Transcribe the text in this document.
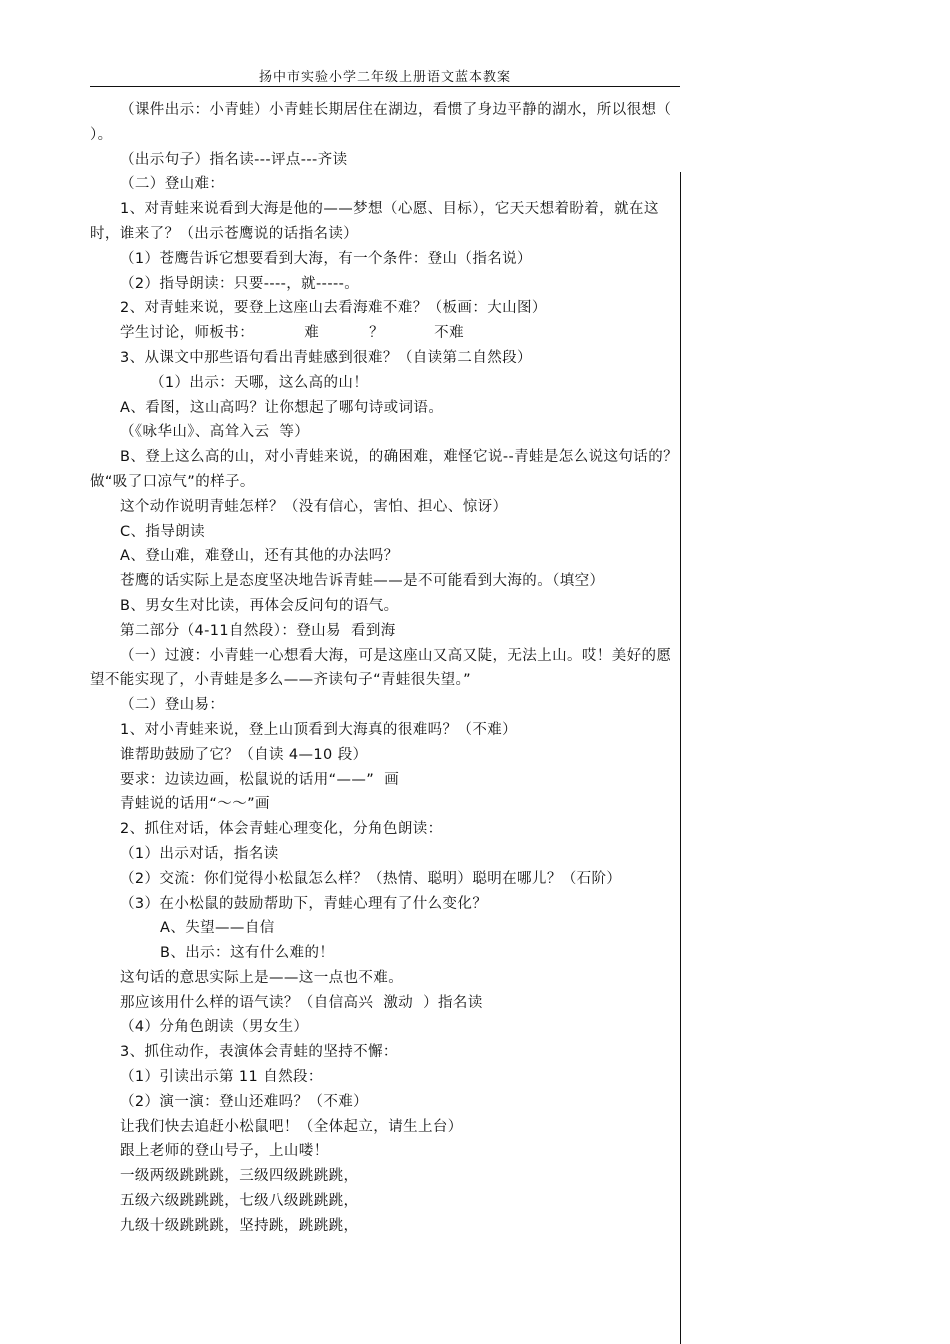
扬中市实验小学二年级上册语文蓝本教案

（课件出示：小青蛙）小青蛙长期居住在湖边，看惯了身边平静的湖水，所以很想（          ）。

（出示句子）指名读---评点---齐读

（二）登山难：

1、对青蛙来说看到大海是他的——梦想（心愿、目标），它天天想着盼着，就在这时，谁来了？（出示苍鹰说的话指名读）

（1）苍鹰告诉它想要看到大海，有一个条件：登山（指名说）

（2）指导朗读：只要----，就-----。

2、对青蛙来说，要登上这座山去看海难不难？（板画：大山图）

学生讨论，师板书：          难          ？          不难

3、从课文中那些语句看出青蛙感到很难？（自读第二自然段）

（1）出示：天哪，这么高的山！

A、看图，这山高吗？让你想起了哪句诗或词语。

（《咏华山》、高耸入云  等）

B、登上这么高的山，对小青蛙来说，的确困难，难怪它说--青蛙是怎么说这句话的？做“吸了口凉气”的样子。

这个动作说明青蛙怎样？（没有信心，害怕、担心、惊讶）

C、指导朗读

A、登山难，难登山，还有其他的办法吗？

苍鹰的话实际上是态度坚决地告诉青蛙——是不可能看到大海的。（填空）

B、男女生对比读，再体会反问句的语气。

第二部分（4-11自然段）：登山易  看到海

（一）过渡：小青蛙一心想看大海，可是这座山又高又陡，无法上山。哎！美好的愿望不能实现了，小青蛙是多么——齐读句子“青蛙很失望。”

（二）登山易：

1、对小青蛙来说，登上山顶看到大海真的很难吗？（不难）

谁帮助鼓励了它？（自读 4—10 段）

要求：边读边画，松鼠说的话用“——”  画

青蛙说的话用“～～”画

2、抓住对话，体会青蛙心理变化，分角色朗读：

（1）出示对话，指名读

（2）交流：你们觉得小松鼠怎么样？（热情、聪明）聪明在哪儿？（石阶）

（3）在小松鼠的鼓励帮助下，青蛙心理有了什么变化？

A、失望——自信

B、出示：这有什么难的！

这句话的意思实际上是——这一点也不难。

那应该用什么样的语气读？（自信高兴  激动  ）指名读

（4）分角色朗读（男女生）

3、抓住动作，表演体会青蛙的坚持不懈：

（1）引读出示第 11 自然段：

（2）演一演：登山还难吗？（不难）

让我们快去追赶小松鼠吧！（全体起立，请生上台）

跟上老师的登山号子，上山喽！

一级两级跳跳跳，三级四级跳跳跳，

五级六级跳跳跳，七级八级跳跳跳，

九级十级跳跳跳，坚持跳，跳跳跳，
